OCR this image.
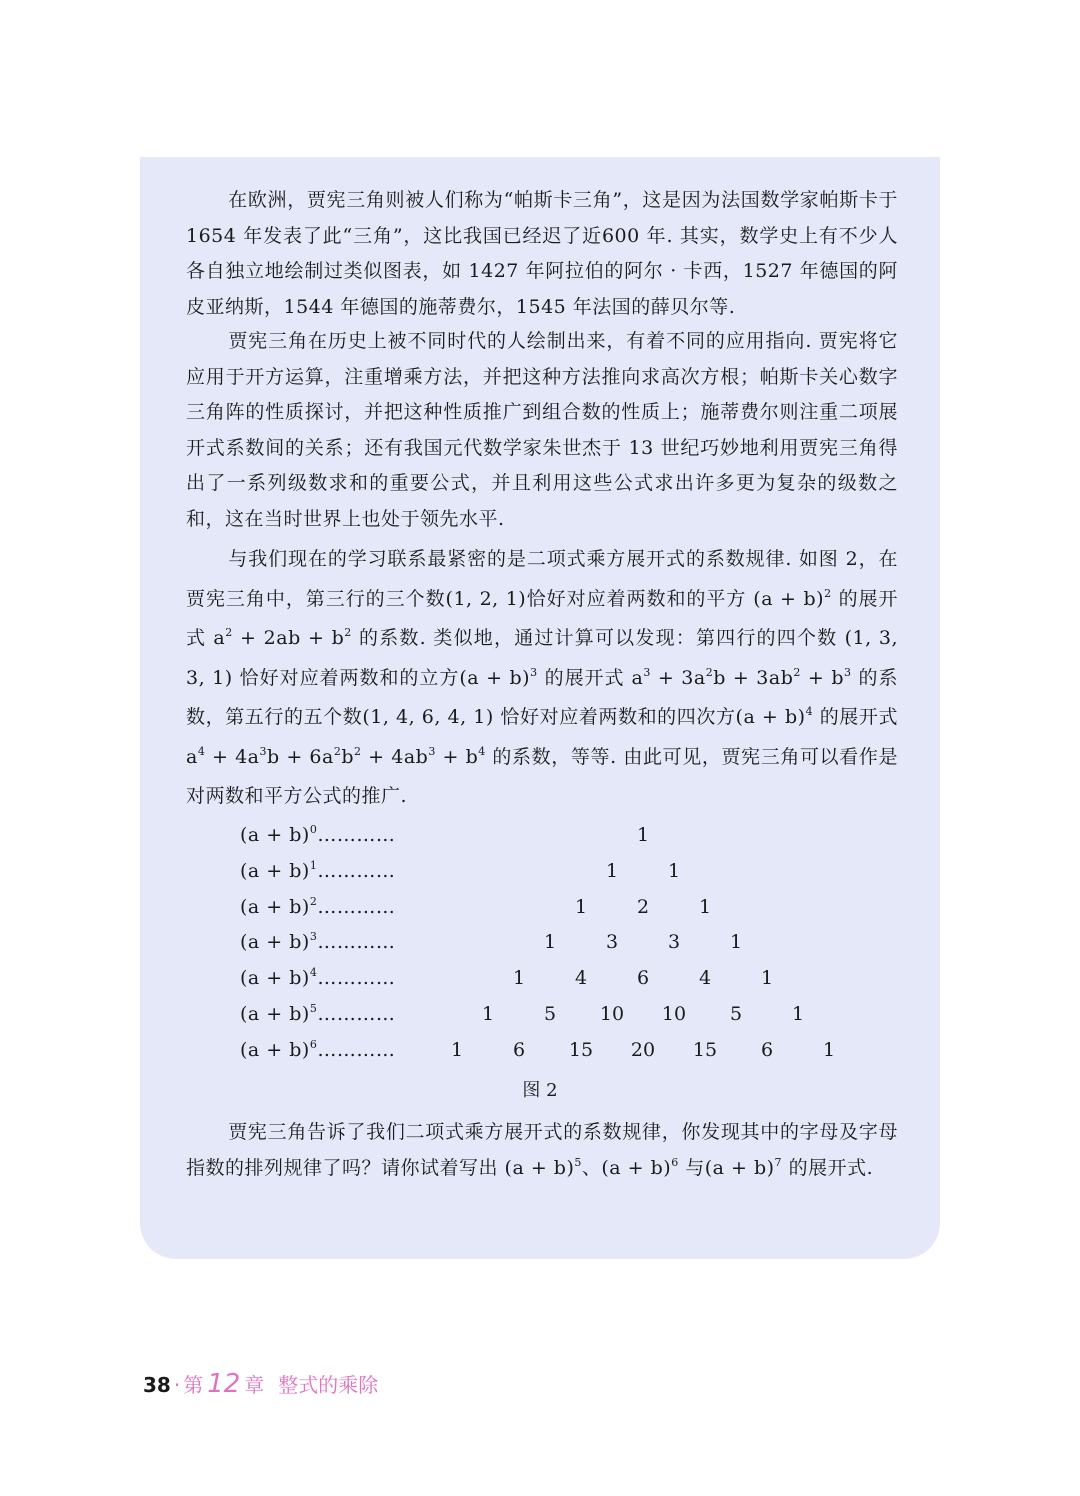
在欧洲，贾宪三角则被人们称为“帕斯卡三角”，这是因为法国数学家帕斯卡于 1654 年发表了此“三角”，这比我国已经迟了近600 年. 其实，数学史上有不少人各自独立地绘制过类似图表，如 1427 年阿拉伯的阿尔 · 卡西，1527 年德国的阿皮亚纳斯，1544 年德国的施蒂费尔，1545 年法国的薛贝尔等.

贾宪三角在历史上被不同时代的人绘制出来，有着不同的应用指向. 贾宪将它应用于开方运算，注重增乘方法，并把这种方法推向求高次方根；帕斯卡关心数字三角阵的性质探讨，并把这种性质推广到组合数的性质上；施蒂费尔则注重二项展开式系数间的关系；还有我国元代数学家朱世杰于 13 世纪巧妙地利用贾宪三角得出了一系列级数求和的重要公式，并且利用这些公式求出许多更为复杂的级数之和，这在当时世界上也处于领先水平.

与我们现在的学习联系最紧密的是二项式乘方展开式的系数规律. 如图 2，在贾宪三角中，第三行的三个数(1, 2, 1)恰好对应着两数和的平方 $(a + b)^2$ 的展开式 $a^2 + 2ab + b^2$ 的系数. 类似地，通过计算可以发现：第四行的四个数 (1, 3, 3, 1) 恰好对应着两数和的立方$(a + b)^3$ 的展开式 $a^3 + 3a^2b + 3ab^2 + b^3$ 的系数，第五行的五个数(1, 4, 6, 4, 1) 恰好对应着两数和的四次方$(a + b)^4$ 的展开式$a^4 + 4a^3b + 6a^2b^2 + 4ab^3 + b^4$ 的系数，等等. 由此可见，贾宪三角可以看作是对两数和平方公式的推广.

$(a + b)^0\dots\dots\dots\dots$	1
$(a + b)^1\dots\dots\dots\dots$	1	1
$(a + b)^2\dots\dots\dots\dots$	1	2	1
$(a + b)^3\dots\dots\dots\dots$	1	3	3	1
$(a + b)^4\dots\dots\dots\dots$	1	4	6	4	1
$(a + b)^5\dots\dots\dots\dots$	1	5	10	10	5	1
$(a + b)^6\dots\dots\dots\dots$	1	6	15	20	15	6	1
图 2

贾宪三角告诉了我们二项式乘方展开式的系数规律，你发现其中的字母及字母指数的排列规律了吗？请你试着写出 $(a + b)^5$、$(a + b)^6$ 与$(a + b)^7$ 的展开式.

38 · 第 12 章 整式的乘除
